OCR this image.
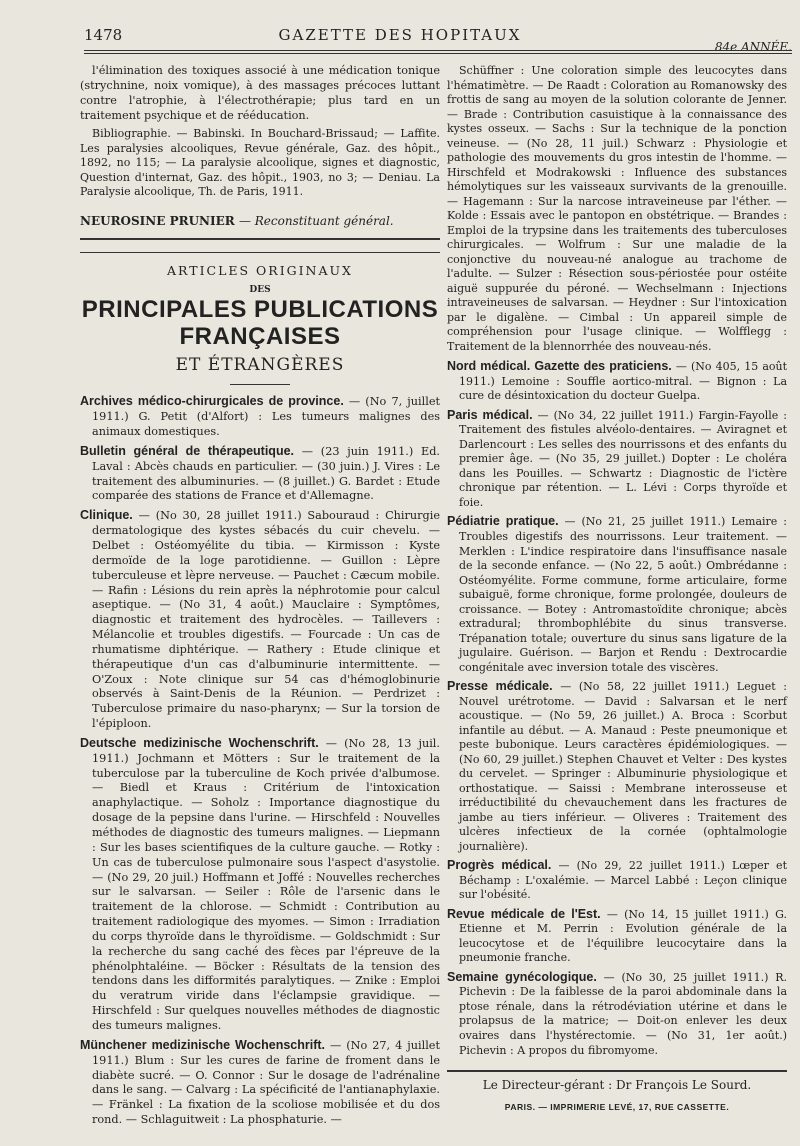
1478	GAZETTE DES HOPITAUX
84e ANNÉE.

l'élimination des toxiques associé à une médication tonique (strychnine, noix vomique), à des massages précoces luttant contre l'atrophie, à l'électrothérapie; plus tard en un traitement psychique et de rééducation.

Bibliographie. — Babinski. In Bouchard-Brissaud; — Laffite. Les paralysies alcooliques, Revue générale, Gaz. des hôpit., 1892, no 115; — La paralysie alcoolique, signes et diagnostic, Question d'internat, Gaz. des hôpit., 1903, no 3; — Deniau. La Paralysie alcoolique, Th. de Paris, 1911.

NEUROSINE PRUNIER — Reconstituant général.
ARTICLES ORIGINAUX
DES
PRINCIPALES PUBLICATIONS FRANÇAISES
ET ÉTRANGÈRES
Archives médico-chirurgicales de province. — (No 7, juillet 1911.) G. Petit (d'Alfort) : Les tumeurs malignes des animaux domestiques.
Bulletin général de thérapeutique. — (23 juin 1911.) Ed. Laval : Abcès chauds en particulier. — (30 juin.) J. Vires : Le traitement des albuminuries. — (8 juillet.) G. Bardet : Etude comparée des stations de France et d'Allemagne.
Clinique. — (No 30, 28 juillet 1911.) Sabouraud : Chirurgie dermatologique des kystes sébacés du cuir chevelu. — Delbet : Ostéomyélite du tibia. — Kirmisson : Kyste dermoïde de la loge parotidienne. — Guillon : Lèpre tuberculeuse et lèpre nerveuse. — Pauchet : Cæcum mobile. — Rafin : Lésions du rein après la néphrotomie pour calcul aseptique. — (No 31, 4 août.) Mauclaire : Symptômes, diagnostic et traitement des hydrocèles. — Taillevers : Mélancolie et troubles digestifs. — Fourcade : Un cas de rhumatisme diphtérique. — Rathery : Etude clinique et thérapeutique d'un cas d'albuminurie intermittente. — O'Zoux : Note clinique sur 54 cas d'hémoglobinurie observés à Saint-Denis de la Réunion. — Perdrizet : Tuberculose primaire du naso-pharynx; — Sur la torsion de l'épiploon.
Deutsche medizinische Wochenschrift. — (No 28, 13 juil. 1911.) Jochmann et Mötters : Sur le traitement de la tuberculose par la tuberculine de Koch privée d'albumose. — Biedl et Kraus : Critérium de l'intoxication anaphylactique. — Soholz : Importance diagnostique du dosage de la pepsine dans l'urine. — Hirschfeld : Nouvelles méthodes de diagnostic des tumeurs malignes. — Liepmann : Sur les bases scientifiques de la culture gauche. — Rotky : Un cas de tuberculose pulmonaire sous l'aspect d'asystolie. — (No 29, 20 juil.) Hoffmann et Joffé : Nouvelles recherches sur le salvarsan. — Seiler : Rôle de l'arsenic dans le traitement de la chlorose. — Schmidt : Contribution au traitement radiologique des myomes. — Simon : Irradiation du corps thyroïde dans le thyroïdisme. — Goldschmidt : Sur la recherche du sang caché des fèces par l'épreuve de la phénolphtaléine. — Böcker : Résultats de la tension des tendons dans les difformités paralytiques. — Znike : Emploi du veratrum viride dans l'éclampsie gravidique. — Hirschfeld : Sur quelques nouvelles méthodes de diagnostic des tumeurs malignes.
Münchener medizinische Wochenschrift. — (No 27, 4 juillet 1911.) Blum : Sur les cures de farine de froment dans le diabète sucré. — O. Connor : Sur le dosage de l'adrénaline dans le sang. — Calvarg : La spécificité de l'antianaphylaxie. — Fränkel : La fixation de la scoliose mobilisée et du dos rond. — Schlaguitweit : La phosphaturie. —

Schüffner : Une coloration simple des leucocytes dans l'hématimètre. — De Raadt : Coloration au Romanowsky des frottis de sang au moyen de la solution colorante de Jenner. — Brade : Contribution casuistique à la connaissance des kystes osseux. — Sachs : Sur la technique de la ponction veineuse. — (No 28, 11 juil.) Schwarz : Physiologie et pathologie des mouvements du gros intestin de l'homme. — Hirschfeld et Modrakowski : Influence des substances hémolytiques sur les vaisseaux survivants de la grenouille. — Hagemann : Sur la narcose intraveineuse par l'éther. — Kolde : Essais avec le pantopon en obstétrique. — Brandes : Emploi de la trypsine dans les traitements des tuberculoses chirurgicales. — Wolfrum : Sur une maladie de la conjonctive du nouveau-né analogue au trachome de l'adulte. — Sulzer : Résection sous-périostée pour ostéite aiguë suppurée du péroné. — Wechselmann : Injections intraveineuses de salvarsan. — Heydner : Sur l'intoxication par le digalène. — Cimbal : Un appareil simple de compréhension pour l'usage clinique. — Wolfflegg : Traitement de la blennorrhée des nouveau-nés.

Nord médical. Gazette des praticiens. — (No 405, 15 août 1911.) Lemoine : Souffle aortico-mitral. — Bignon : La cure de désintoxication du docteur Guelpa.
Paris médical. — (No 34, 22 juillet 1911.) Fargin-Fayolle : Traitement des fistules alvéolo-dentaires. — Aviragnet et Darlencourt : Les selles des nourrissons et des enfants du premier âge. — (No 35, 29 juillet.) Dopter : Le choléra dans les Pouilles. — Schwartz : Diagnostic de l'ictère chronique par rétention. — L. Lévi : Corps thyroïde et foie.
Pédiatrie pratique. — (No 21, 25 juillet 1911.) Lemaire : Troubles digestifs des nourrissons. Leur traitement. — Merklen : L'indice respiratoire dans l'insuffisance nasale de la seconde enfance. — (No 22, 5 août.) Ombrédanne : Ostéomyélite. Forme commune, forme articulaire, forme subaiguë, forme chronique, forme prolongée, douleurs de croissance. — Botey : Antromastoïdite chronique; abcès extradural; thrombophlébite du sinus transverse. Trépanation totale; ouverture du sinus sans ligature de la jugulaire. Guérison. — Barjon et Rendu : Dextrocardie congénitale avec inversion totale des viscères.
Presse médicale. — (No 58, 22 juillet 1911.) Leguet : Nouvel urétrotome. — David : Salvarsan et le nerf acoustique. — (No 59, 26 juillet.) A. Broca : Scorbut infantile au début. — A. Manaud : Peste pneumonique et peste bubonique. Leurs caractères épidémiologiques. — (No 60, 29 juillet.) Stephen Chauvet et Velter : Des kystes du cervelet. — Springer : Albuminurie physiologique et orthostatique. — Saissi : Membrane interosseuse et irréductibilité du chevauchement dans les fractures de jambe au tiers inférieur. — Oliveres : Traitement des ulcères infectieux de la cornée (ophtalmologie journalière).
Progrès médical. — (No 29, 22 juillet 1911.) Lœper et Béchamp : L'oxalémie. — Marcel Labbé : Leçon clinique sur l'obésité.
Revue médicale de l'Est. — (No 14, 15 juillet 1911.) G. Etienne et M. Perrin : Evolution générale de la leucocytose et de l'équilibre leucocytaire dans la pneumonie franche.
Semaine gynécologique. — (No 30, 25 juillet 1911.) R. Pichevin : De la faiblesse de la paroi abdominale dans la ptose rénale, dans la rétrodéviation utérine et dans le prolapsus de la matrice; — Doit-on enlever les deux ovaires dans l'hystérectomie. — (No 31, 1er août.) Pichevin : A propos du fibromyome.
Le Directeur-gérant : Dr François Le Sourd.
PARIS. — IMPRIMERIE LEVÉ, 17, RUE CASSETTE.
